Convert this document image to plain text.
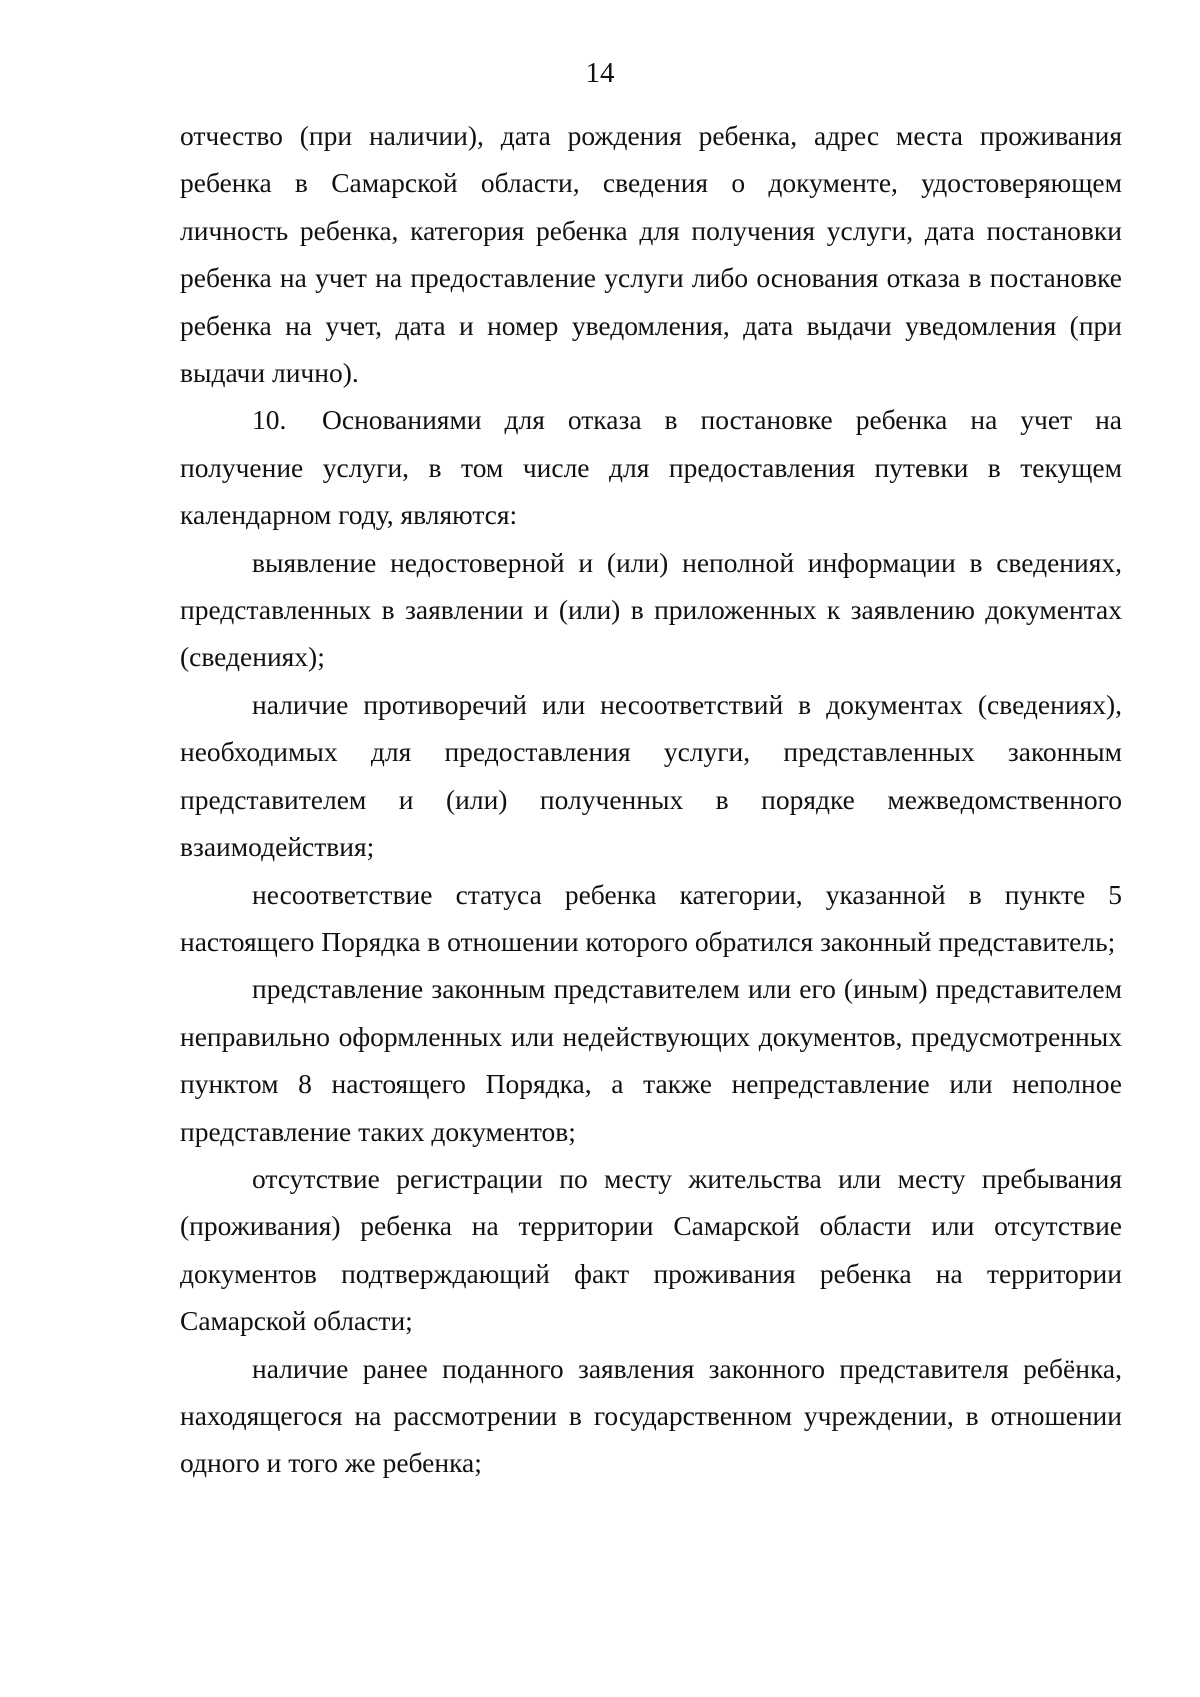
14

отчество (при наличии), дата рождения ребенка, адрес места проживания ребенка в Самарской области, сведения о документе, удостоверяющем личность ребенка, категория ребенка для получения услуги, дата постановки ребенка на учет на предоставление услуги либо основания отказа в постановке ребенка на учет, дата и номер уведомления, дата выдачи уведомления (при выдачи лично).

10. Основаниями для отказа в постановке ребенка на учет на получение услуги, в том числе для предоставления путевки в текущем календарном году, являются:

выявление недостоверной и (или) неполной информации в сведениях, представленных в заявлении и (или) в приложенных к заявлению документах (сведениях);

наличие противоречий или несоответствий в документах (сведениях), необходимых для предоставления услуги, представленных законным представителем и (или) полученных в порядке межведомственного взаимодействия;

несоответствие статуса ребенка категории, указанной в пункте 5 настоящего Порядка в отношении которого обратился законный представитель;

представление законным представителем или его (иным) представителем неправильно оформленных или недействующих документов, предусмотренных пунктом 8 настоящего Порядка, а также непредставление или неполное представление таких документов;

отсутствие регистрации по месту жительства или месту пребывания (проживания) ребенка на территории Самарской области или отсутствие документов подтверждающий факт проживания ребенка на территории Самарской области;

наличие ранее поданного заявления законного представителя ребёнка, находящегося на рассмотрении в государственном учреждении, в отношении одного и того же ребенка;
